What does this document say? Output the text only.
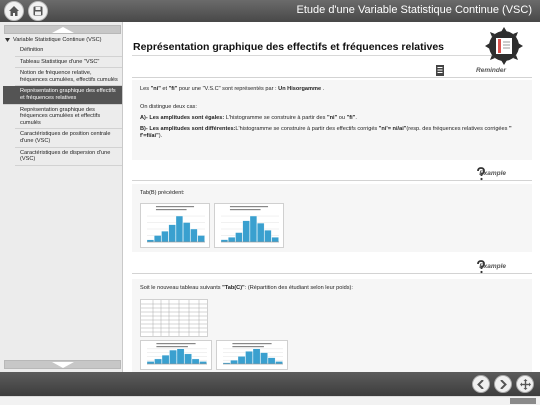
Etude d'une Variable Statistique Continue (VSC)
Variable Statistique Continue (VSC)
Définition
Tableau Statistique d'une "VSC"
Notion de fréquence relative, fréquences cumulées, effectifs cumulés
Représentation graphique des effectifs et fréquences relatives
Représentation graphique des fréquences cumulées et effectifs cumulés
Caractéristiques de position centrale d'une (VSC)
Caractéristiques de dispersion d'une (VSC)
Représentation graphique des effectifs et fréquences relatives
Reminder
Les "ni" et "fi" pour une "V.S.C" sont représentés par : Un Hisorgamme .
On distingue deux cas:
A)- Les amplitudes sont égales: L'histogramme se construire à partir des "ni" ou "fi".
B)- Les amplitudes sont différentes:L'histogramme se construire à partir des effectifs corrigés "ni'= ni/ai"(resp. des fréquences relatives corrigées " f'=fi/ai").
Example
Tab(B) précédent:
Example
Soit le nouveau tableau suivants "Tab(C)": (Répartition des étudiant selon leur poids):
